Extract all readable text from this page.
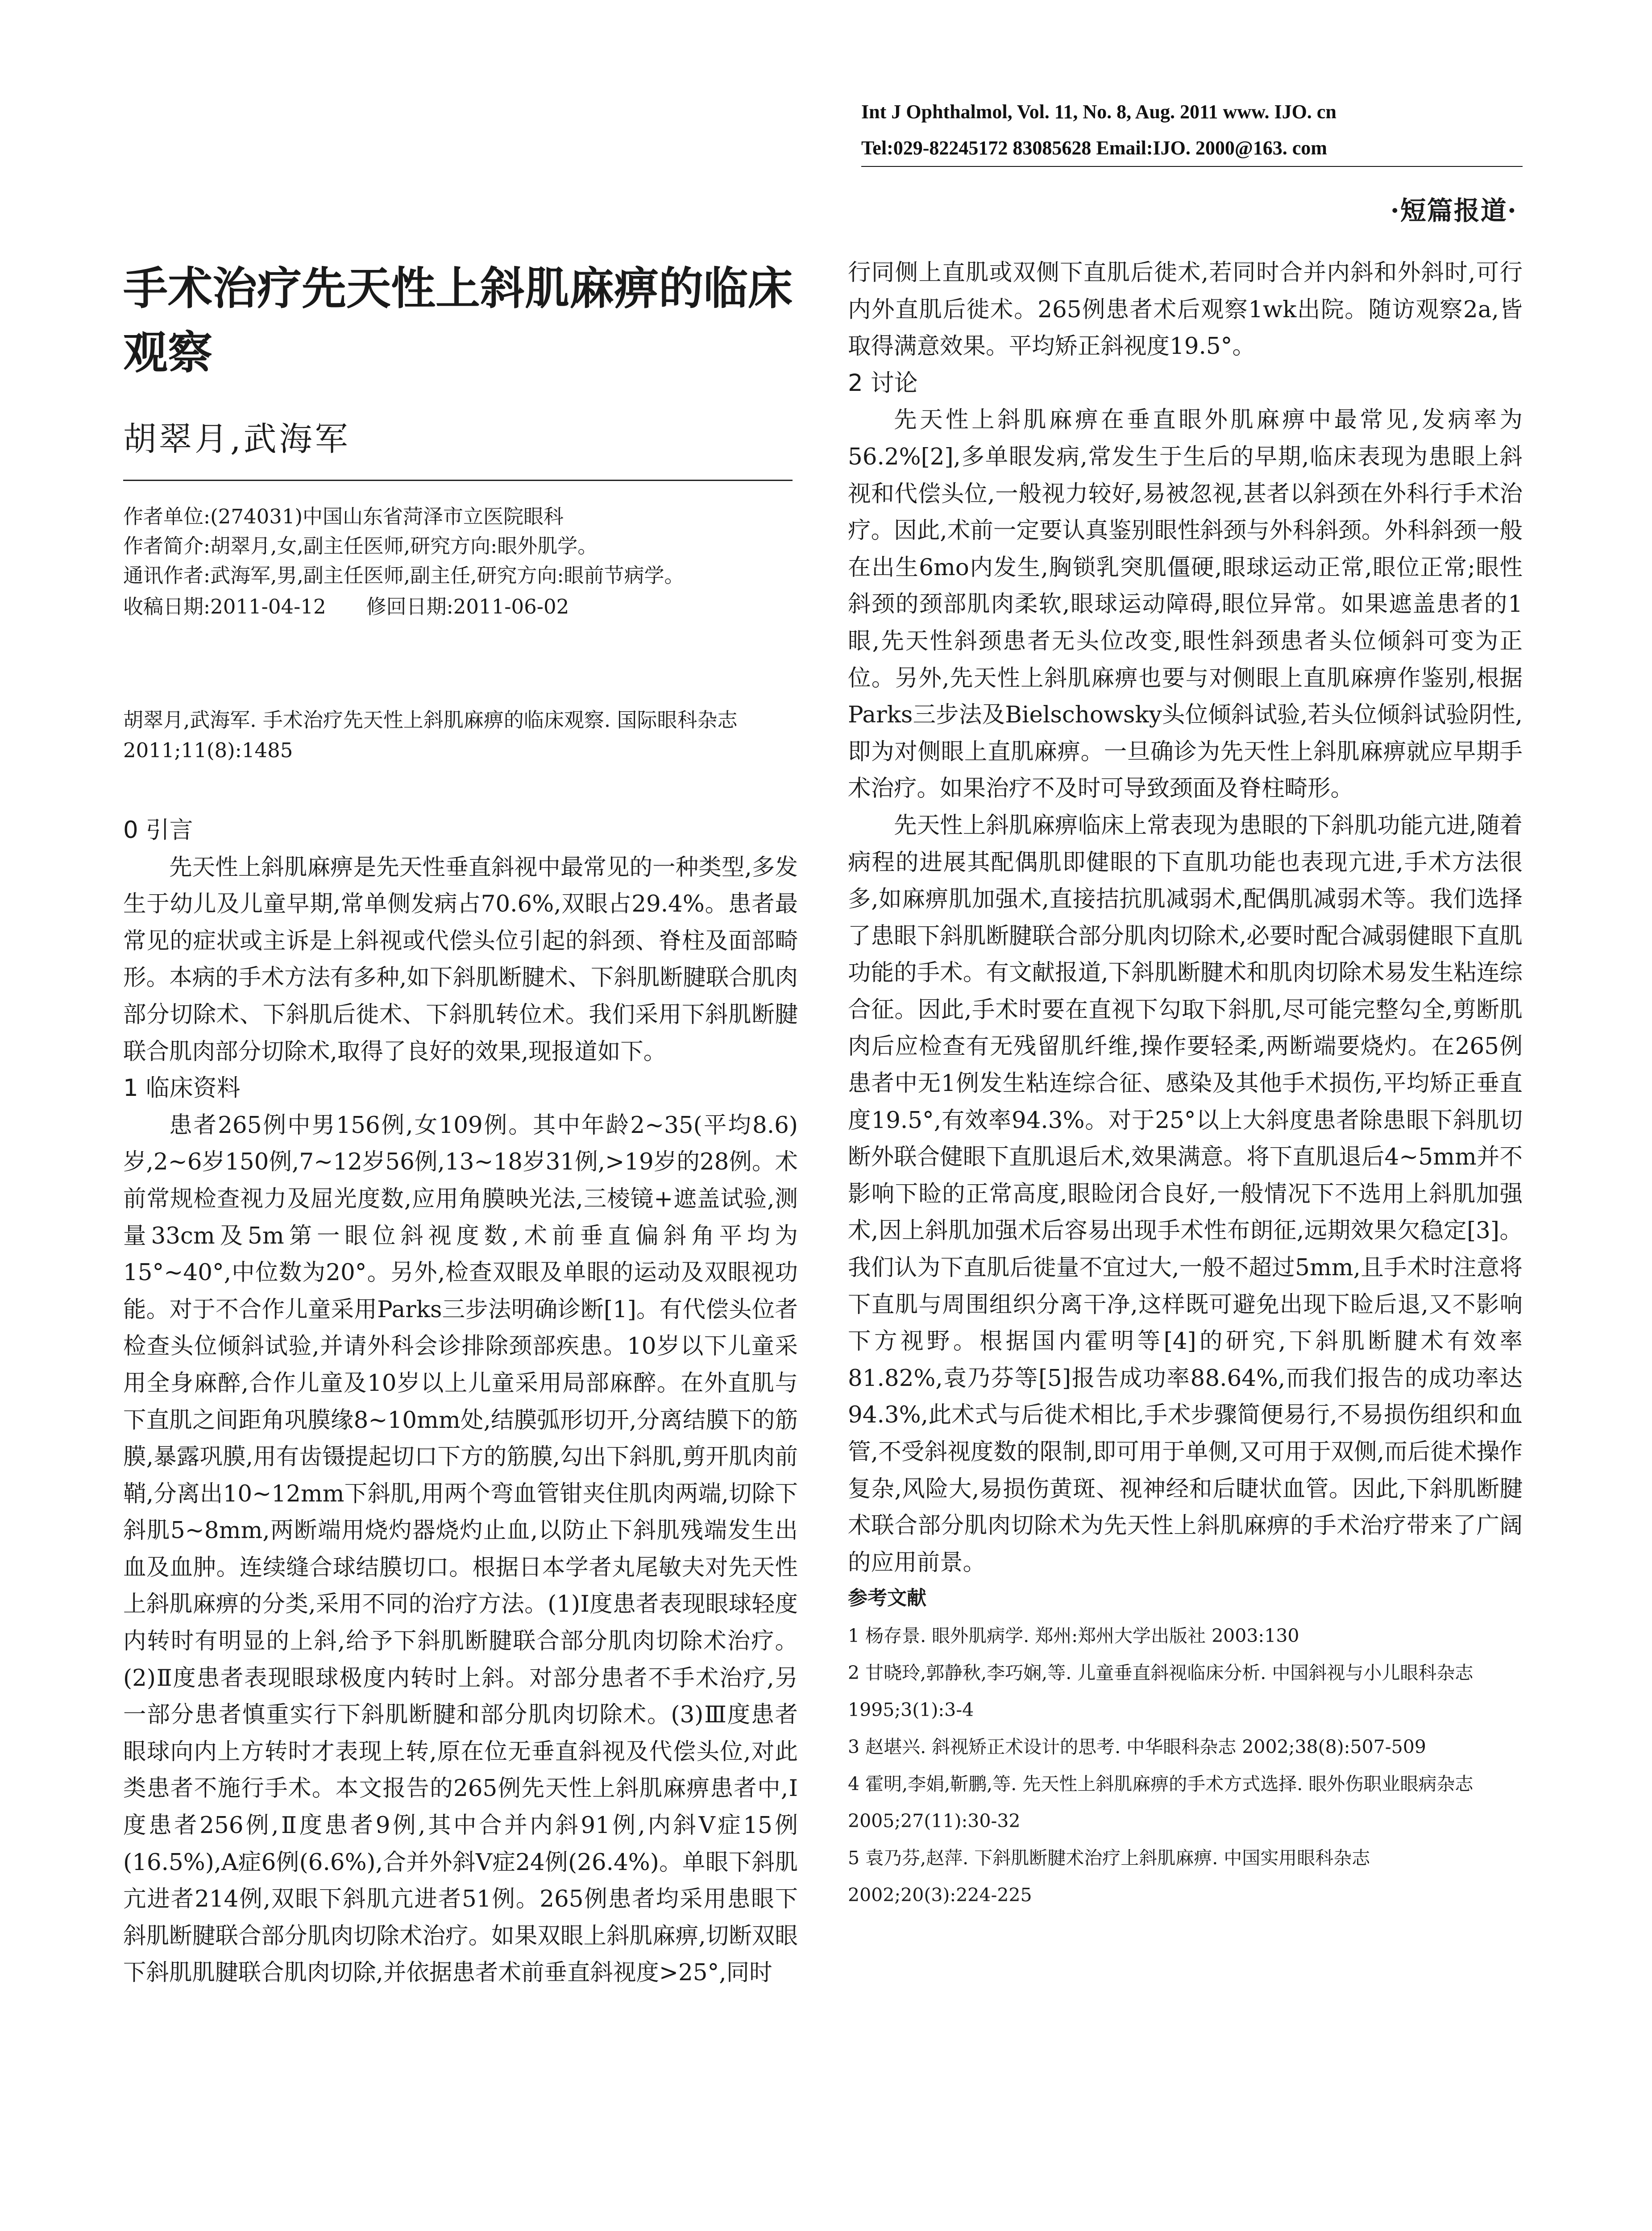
Int J Ophthalmol, Vol. 11, No. 8, Aug. 2011 www. IJO. cn
Tel:029-82245172 83085628 Email:IJO. 2000@163. com
·短篇报道·
手术治疗先天性上斜肌麻痹的临床观察
胡翠月,武海军

作者单位:(274031)中国山东省菏泽市立医院眼科

作者简介:胡翠月,女,副主任医师,研究方向:眼外肌学。

通讯作者:武海军,男,副主任医师,副主任,研究方向:眼前节病学。

收稿日期:2011-04-12 修回日期:2011-06-02

胡翠月,武海军. 手术治疗先天性上斜肌麻痹的临床观察. 国际眼科杂志 2011;11(8):1485
0 引言

先天性上斜肌麻痹是先天性垂直斜视中最常见的一种类型,多发生于幼儿及儿童早期,常单侧发病占70.6%,双眼占29.4%。患者最常见的症状或主诉是上斜视或代偿头位引起的斜颈、脊柱及面部畸形。本病的手术方法有多种,如下斜肌断腱术、下斜肌断腱联合肌肉部分切除术、下斜肌后徙术、下斜肌转位术。我们采用下斜肌断腱联合肌肉部分切除术,取得了良好的效果,现报道如下。

1 临床资料

患者265例中男156例,女109例。其中年龄2~35(平均8.6)岁,2~6岁150例,7~12岁56例,13~18岁31例,>19岁的28例。术前常规检查视力及屈光度数,应用角膜映光法,三棱镜+遮盖试验,测量33cm及5m第一眼位斜视度数,术前垂直偏斜角平均为15°~40°,中位数为20°。另外,检查双眼及单眼的运动及双眼视功能。对于不合作儿童采用Parks三步法明确诊断[1]。有代偿头位者检查头位倾斜试验,并请外科会诊排除颈部疾患。10岁以下儿童采用全身麻醉,合作儿童及10岁以上儿童采用局部麻醉。在外直肌与下直肌之间距角巩膜缘8~10mm处,结膜弧形切开,分离结膜下的筋膜,暴露巩膜,用有齿镊提起切口下方的筋膜,勾出下斜肌,剪开肌肉前鞘,分离出10~12mm下斜肌,用两个弯血管钳夹住肌肉两端,切除下斜肌5~8mm,两断端用烧灼器烧灼止血,以防止下斜肌残端发生出血及血肿。连续缝合球结膜切口。根据日本学者丸尾敏夫对先天性上斜肌麻痹的分类,采用不同的治疗方法。(1)Ⅰ度患者表现眼球轻度内转时有明显的上斜,给予下斜肌断腱联合部分肌肉切除术治疗。(2)Ⅱ度患者表现眼球极度内转时上斜。对部分患者不手术治疗,另一部分患者慎重实行下斜肌断腱和部分肌肉切除术。(3)Ⅲ度患者眼球向内上方转时才表现上转,原在位无垂直斜视及代偿头位,对此类患者不施行手术。本文报告的265例先天性上斜肌麻痹患者中,Ⅰ度患者256例,Ⅱ度患者9例,其中合并内斜91例,内斜V症15例(16.5%),A症6例(6.6%),合并外斜V症24例(26.4%)。单眼下斜肌亢进者214例,双眼下斜肌亢进者51例。265例患者均采用患眼下斜肌断腱联合部分肌肉切除术治疗。如果双眼上斜肌麻痹,切断双眼下斜肌肌腱联合肌肉切除,并依据患者术前垂直斜视度>25°,同时

行同侧上直肌或双侧下直肌后徙术,若同时合并内斜和外斜时,可行内外直肌后徙术。265例患者术后观察1wk出院。随访观察2a,皆取得满意效果。平均矫正斜视度19.5°。

2 讨论

先天性上斜肌麻痹在垂直眼外肌麻痹中最常见,发病率为56.2%[2],多单眼发病,常发生于生后的早期,临床表现为患眼上斜视和代偿头位,一般视力较好,易被忽视,甚者以斜颈在外科行手术治疗。因此,术前一定要认真鉴别眼性斜颈与外科斜颈。外科斜颈一般在出生6mo内发生,胸锁乳突肌僵硬,眼球运动正常,眼位正常;眼性斜颈的颈部肌肉柔软,眼球运动障碍,眼位异常。如果遮盖患者的1眼,先天性斜颈患者无头位改变,眼性斜颈患者头位倾斜可变为正位。另外,先天性上斜肌麻痹也要与对侧眼上直肌麻痹作鉴别,根据Parks三步法及Bielschowsky头位倾斜试验,若头位倾斜试验阴性,即为对侧眼上直肌麻痹。一旦确诊为先天性上斜肌麻痹就应早期手术治疗。如果治疗不及时可导致颈面及脊柱畸形。

先天性上斜肌麻痹临床上常表现为患眼的下斜肌功能亢进,随着病程的进展其配偶肌即健眼的下直肌功能也表现亢进,手术方法很多,如麻痹肌加强术,直接拮抗肌减弱术,配偶肌减弱术等。我们选择了患眼下斜肌断腱联合部分肌肉切除术,必要时配合减弱健眼下直肌功能的手术。有文献报道,下斜肌断腱术和肌肉切除术易发生粘连综合征。因此,手术时要在直视下勾取下斜肌,尽可能完整勾全,剪断肌肉后应检查有无残留肌纤维,操作要轻柔,两断端要烧灼。在265例患者中无1例发生粘连综合征、感染及其他手术损伤,平均矫正垂直度19.5°,有效率94.3%。对于25°以上大斜度患者除患眼下斜肌切断外联合健眼下直肌退后术,效果满意。将下直肌退后4~5mm并不影响下睑的正常高度,眼睑闭合良好,一般情况下不选用上斜肌加强术,因上斜肌加强术后容易出现手术性布朗征,远期效果欠稳定[3]。我们认为下直肌后徙量不宜过大,一般不超过5mm,且手术时注意将下直肌与周围组织分离干净,这样既可避免出现下睑后退,又不影响下方视野。根据国内霍明等[4]的研究,下斜肌断腱术有效率81.82%,袁乃芬等[5]报告成功率88.64%,而我们报告的成功率达94.3%,此术式与后徙术相比,手术步骤简便易行,不易损伤组织和血管,不受斜视度数的限制,即可用于单侧,又可用于双侧,而后徙术操作复杂,风险大,易损伤黄斑、视神经和后睫状血管。因此,下斜肌断腱术联合部分肌肉切除术为先天性上斜肌麻痹的手术治疗带来了广阔的应用前景。

参考文献
1 杨存景. 眼外肌病学. 郑州:郑州大学出版社 2003:130
2 甘晓玲,郭静秋,李巧娴,等. 儿童垂直斜视临床分析. 中国斜视与小儿眼科杂志 1995;3(1):3-4
3 赵堪兴. 斜视矫正术设计的思考. 中华眼科杂志 2002;38(8):507-509
4 霍明,李娟,靳鹏,等. 先天性上斜肌麻痹的手术方式选择. 眼外伤职业眼病杂志 2005;27(11):30-32
5 袁乃芬,赵萍. 下斜肌断腱术治疗上斜肌麻痹. 中国实用眼科杂志 2002;20(3):224-225
